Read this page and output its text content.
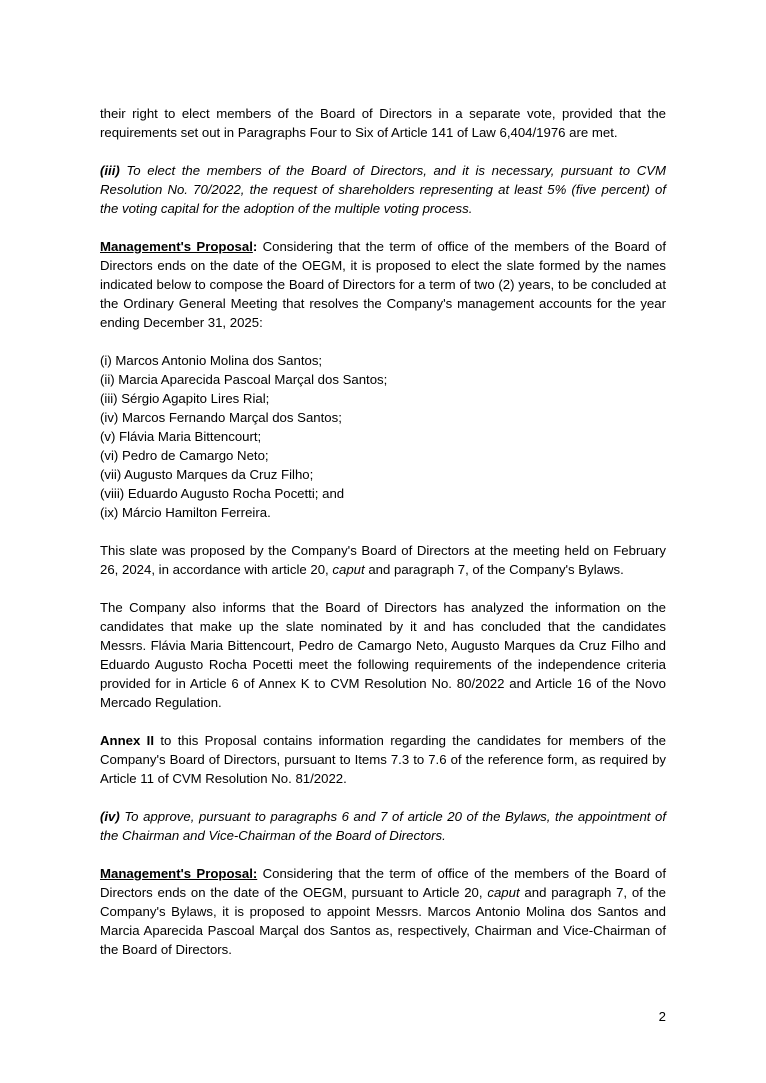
their right to elect members of the Board of Directors in a separate vote, provided that the requirements set out in Paragraphs Four to Six of Article 141 of Law 6,404/1976 are met.

(iii) To elect the members of the Board of Directors, and it is necessary, pursuant to CVM Resolution No. 70/2022, the request of shareholders representing at least 5% (five percent) of the voting capital for the adoption of the multiple voting process.

Management's Proposal: Considering that the term of office of the members of the Board of Directors ends on the date of the OEGM, it is proposed to elect the slate formed by the names indicated below to compose the Board of Directors for a term of two (2) years, to be concluded at the Ordinary General Meeting that resolves the Company's management accounts for the year ending December 31, 2025:

(i) Marcos Antonio Molina dos Santos;
(ii) Marcia Aparecida Pascoal Marçal dos Santos;
(iii) Sérgio Agapito Lires Rial;
(iv) Marcos Fernando Marçal dos Santos;
(v) Flávia Maria Bittencourt;
(vi) Pedro de Camargo Neto;
(vii) Augusto Marques da Cruz Filho;
(viii) Eduardo Augusto Rocha Pocetti; and
(ix) Márcio Hamilton Ferreira.

This slate was proposed by the Company's Board of Directors at the meeting held on February 26, 2024, in accordance with article 20, caput and paragraph 7, of the Company's Bylaws.

The Company also informs that the Board of Directors has analyzed the information on the candidates that make up the slate nominated by it and has concluded that the candidates Messrs. Flávia Maria Bittencourt, Pedro de Camargo Neto, Augusto Marques da Cruz Filho and Eduardo Augusto Rocha Pocetti meet the following requirements of the independence criteria provided for in Article 6 of Annex K to CVM Resolution No. 80/2022 and Article 16 of the Novo Mercado Regulation.

Annex II to this Proposal contains information regarding the candidates for members of the Company's Board of Directors, pursuant to Items 7.3 to 7.6 of the reference form, as required by Article 11 of CVM Resolution No. 81/2022.

(iv) To approve, pursuant to paragraphs 6 and 7 of article 20 of the Bylaws, the appointment of the Chairman and Vice-Chairman of the Board of Directors.

Management's Proposal: Considering that the term of office of the members of the Board of Directors ends on the date of the OEGM, pursuant to Article 20, caput and paragraph 7, of the Company's Bylaws, it is proposed to appoint Messrs. Marcos Antonio Molina dos Santos and Marcia Aparecida Pascoal Marçal dos Santos as, respectively, Chairman and Vice-Chairman of the Board of Directors.

2
